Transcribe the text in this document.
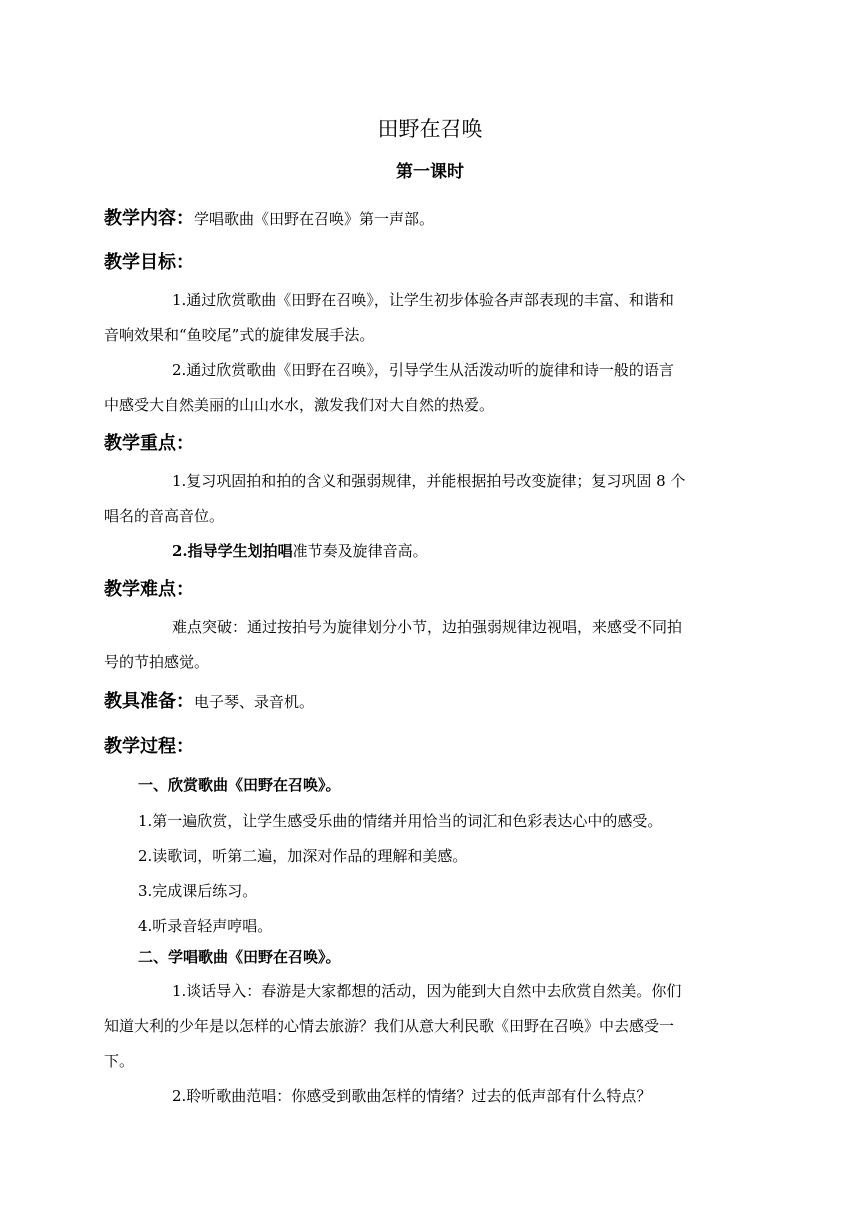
田野在召唤
第一课时
教学内容：学唱歌曲《田野在召唤》第一声部。
教学目标：
1.通过欣赏歌曲《田野在召唤》，让学生初步体验各声部表现的丰富、和谐和
音响效果和“鱼咬尾”式的旋律发展手法。
2.通过欣赏歌曲《田野在召唤》，引导学生从活泼动听的旋律和诗一般的语言
中感受大自然美丽的山山水水，激发我们对大自然的热爱。
教学重点：
1.复习巩固拍和拍的含义和强弱规律，并能根据拍号改变旋律；复习巩固 8 个
唱名的音高音位。
2.指导学生划拍唱准节奏及旋律音高。
教学难点：
难点突破：通过按拍号为旋律划分小节，边拍强弱规律边视唱，来感受不同拍
号的节拍感觉。
教具准备：电子琴、录音机。
教学过程：
一、欣赏歌曲《田野在召唤》。
1.第一遍欣赏，让学生感受乐曲的情绪并用恰当的词汇和色彩表达心中的感受。
2.读歌词，听第二遍，加深对作品的理解和美感。
3.完成课后练习。
4.听录音轻声哼唱。
二、学唱歌曲《田野在召唤》。
1.谈话导入：春游是大家都想的活动，因为能到大自然中去欣赏自然美。你们
知道大利的少年是以怎样的心情去旅游？我们从意大利民歌《田野在召唤》中去感受一
下。
2.聆听歌曲范唱：你感受到歌曲怎样的情绪？过去的低声部有什么特点？
